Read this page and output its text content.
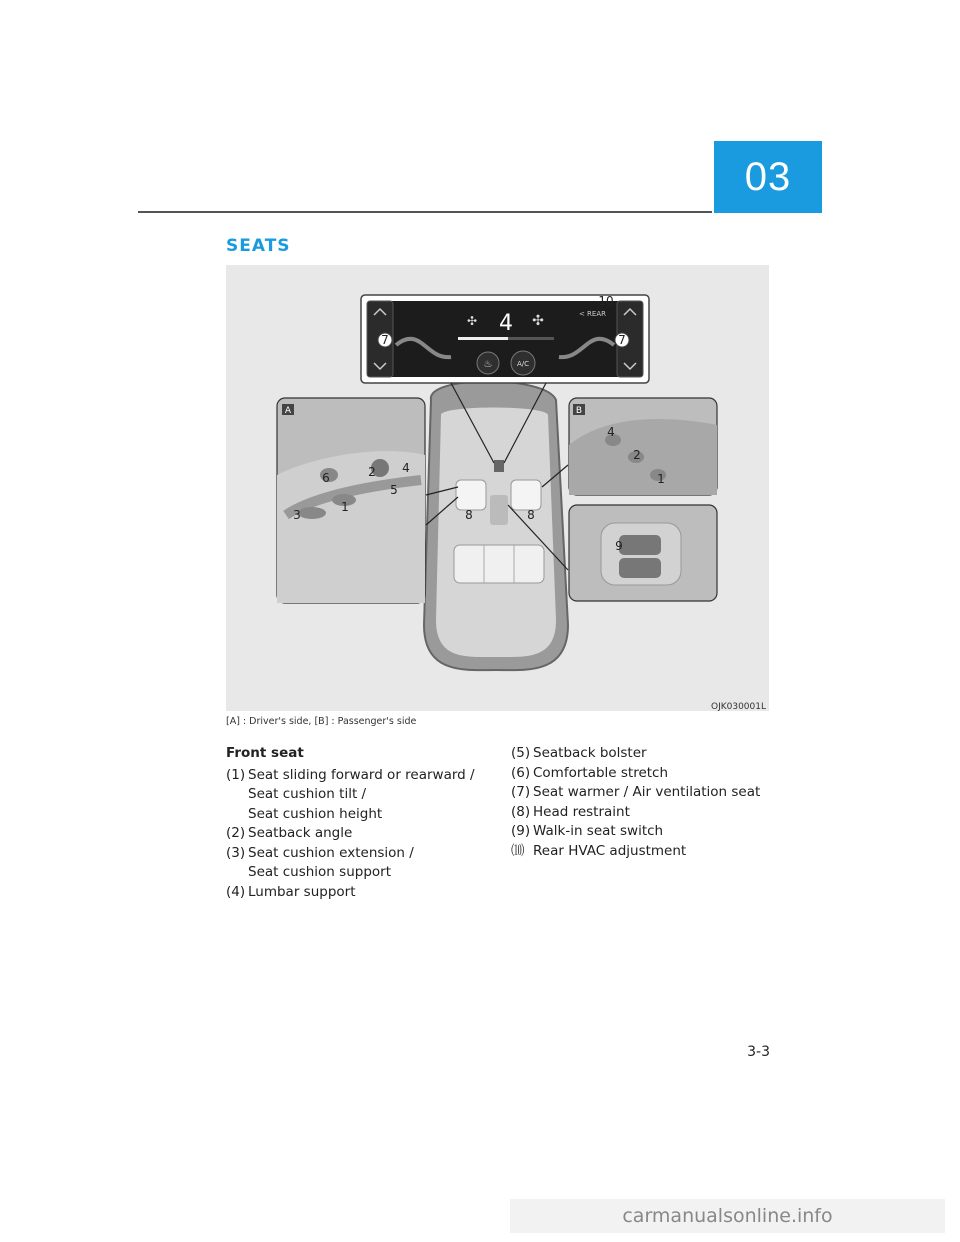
03
SEATS
4
✣	✣	< REAR
♨	A/C
A	B
10
7	7
6	2 4
5
1
3	8	8
4
2
1
9
OJK030001L
[A] : Driver's side, [B] : Passenger's side
Front seat
(1) Seat sliding forward or rearward /
Seat cushion tilt /
Seat cushion height
(2) Seatback angle
(3) Seat cushion extension /
Seat cushion support
(4) Lumbar support
(5) Seatback bolster
(6) Comfortable stretch
(7) Seat warmer / Air ventilation seat
(8) Head restraint
(9) Walk-in seat switch
⑽ Rear HVAC adjustment
3-3
carmanualsonline.info
